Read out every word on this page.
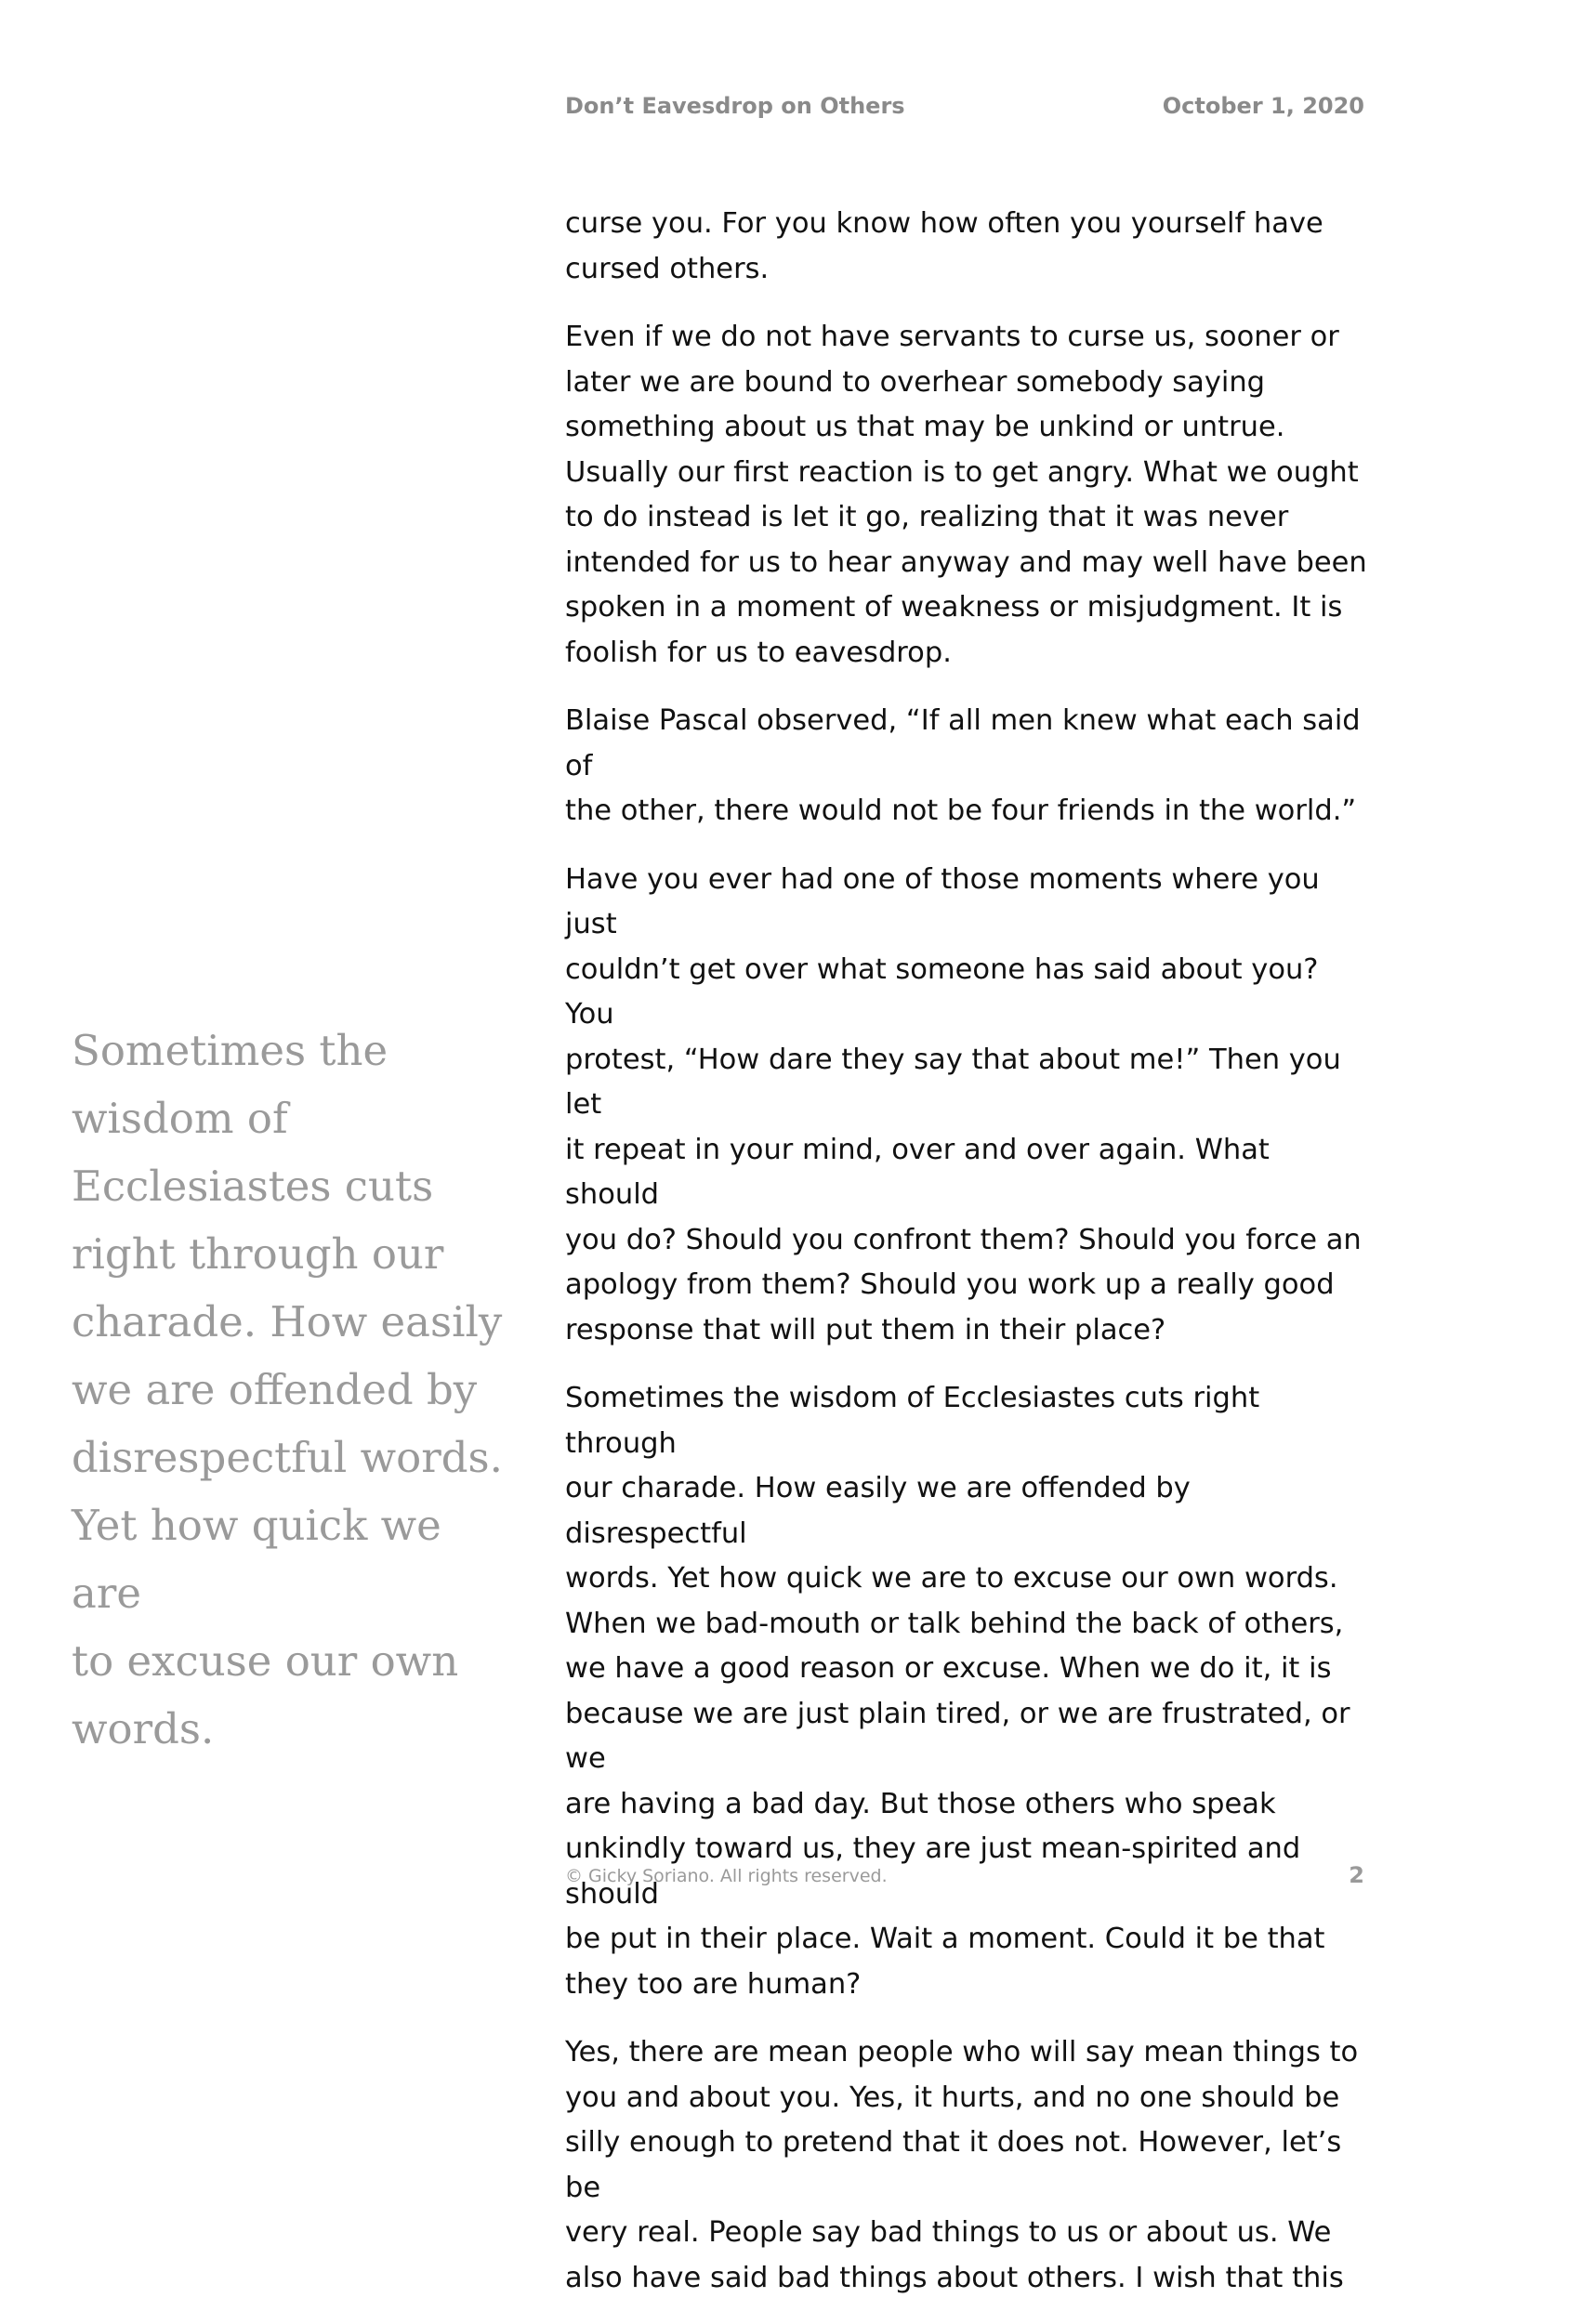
Don’t Eavesdrop on Others	October 1, 2020
Sometimes the
wisdom of
Ecclesiastes cuts
right through our
charade. How easily
we are offended by
disrespectful words.
Yet how quick we are
to excuse our own
words.

curse you. For you know how often you yourself have
cursed others.

Even if we do not have servants to curse us, sooner or
later we are bound to overhear somebody saying
something about us that may be unkind or untrue.
Usually our first reaction is to get angry. What we ought
to do instead is let it go, realizing that it was never
intended for us to hear anyway and may well have been
spoken in a moment of weakness or misjudgment. It is
foolish for us to eavesdrop.

Blaise Pascal observed, “If all men knew what each said of
the other, there would not be four friends in the world.”

Have you ever had one of those moments where you just
couldn’t get over what someone has said about you? You
protest, “How dare they say that about me!” Then you let
it repeat in your mind, over and over again. What should
you do? Should you confront them? Should you force an
apology from them? Should you work up a really good
response that will put them in their place?

Sometimes the wisdom of Ecclesiastes cuts right through
our charade. How easily we are offended by disrespectful
words. Yet how quick we are to excuse our own words.
When we bad-mouth or talk behind the back of others,
we have a good reason or excuse. When we do it, it is
because we are just plain tired, or we are frustrated, or we
are having a bad day. But those others who speak
unkindly toward us, they are just mean-spirited and should
be put in their place. Wait a moment. Could it be that
they too are human?

Yes, there are mean people who will say mean things to
you and about you. Yes, it hurts, and no one should be
silly enough to pretend that it does not. However, let’s be
very real. People say bad things to us or about us. We
also have said bad things about others. I wish that this

© Gicky Soriano. All rights reserved.	2
